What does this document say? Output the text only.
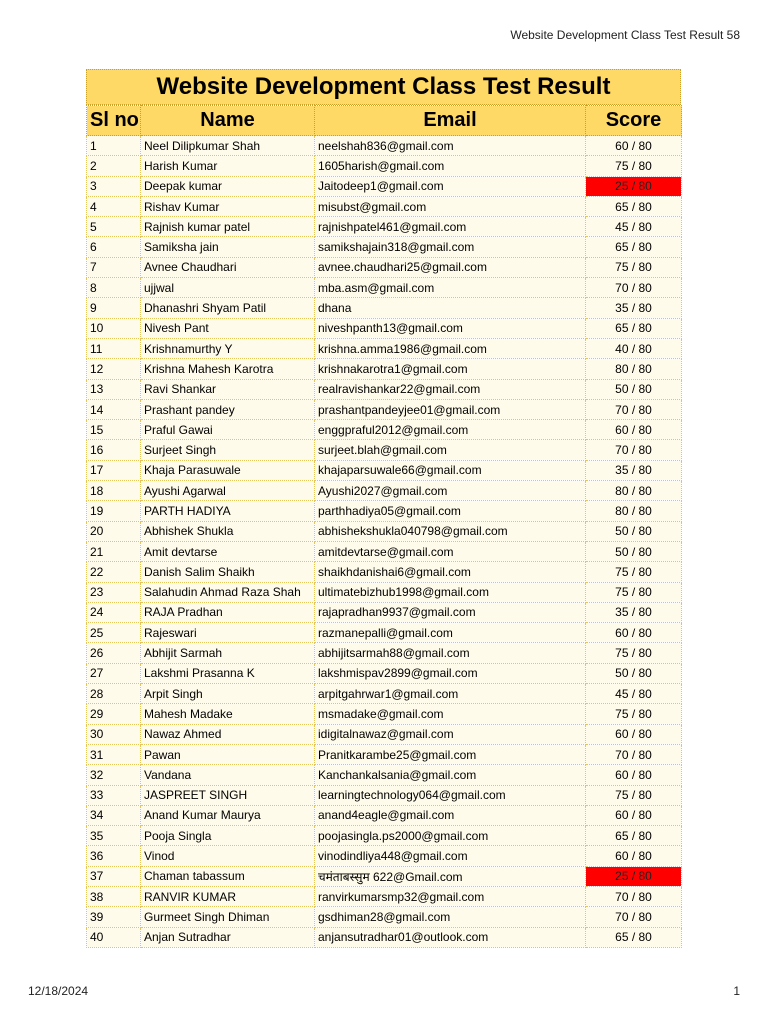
Website Development Class Test Result 58
Website Development Class Test Result
Sl no	Name	Email	Score
1	Neel Dilipkumar Shah	neelshah836@gmail.com	60 / 80
2	Harish Kumar	1605harish@gmail.com	75 / 80
3	Deepak kumar	Jaitodeep1@gmail.com	25 / 80
4	Rishav Kumar	misubst@gmail.com	65 / 80
5	Rajnish kumar patel	rajnishpatel461@gmail.com	45 / 80
6	Samiksha jain	samikshajain318@gmail.com	65 / 80
7	Avnee Chaudhari	avnee.chaudhari25@gmail.com	75 / 80
8	ujjwal	mba.asm@gmail.com	70 / 80
9	Dhanashri Shyam Patil	dhana	35 / 80
10	Nivesh Pant	niveshpanth13@gmail.com	65 / 80
11	Krishnamurthy Y	krishna.amma1986@gmail.com	40 / 80
12	Krishna Mahesh Karotra	krishnakarotra1@gmail.com	80 / 80
13	Ravi Shankar	realravishankar22@gmail.com	50 / 80
14	Prashant pandey	prashantpandeyjee01@gmail.com	70 / 80
15	Praful Gawai	enggpraful2012@gmail.com	60 / 80
16	Surjeet Singh	surjeet.blah@gmail.com	70 / 80
17	Khaja Parasuwale	khajaparsuwale66@gmail.com	35 / 80
18	Ayushi Agarwal	Ayushi2027@gmail.com	80 / 80
19	PARTH HADIYA	parthhadiya05@gmail.com	80 / 80
20	Abhishek Shukla	abhishekshukla040798@gmail.com	50 / 80
21	Amit devtarse	amitdevtarse@gmail.com	50 / 80
22	Danish Salim Shaikh	shaikhdanishai6@gmail.com	75 / 80
23	Salahudin Ahmad Raza Shah	ultimatebizhub1998@gmail.com	75 / 80
24	RAJA Pradhan	rajapradhan9937@gmail.com	35 / 80
25	Rajeswari	razmanepalli@gmail.com	60 / 80
26	Abhijit Sarmah	abhijitsarmah88@gmail.com	75 / 80
27	Lakshmi Prasanna K	lakshmispav2899@gmail.com	50 / 80
28	Arpit Singh	arpitgahrwar1@gmail.com	45 / 80
29	Mahesh Madake	msmadake@gmail.com	75 / 80
30	Nawaz Ahmed	idigitalnawaz@gmail.com	60 / 80
31	Pawan	Pranitkarambe25@gmail.com	70 / 80
32	Vandana	Kanchankalsania@gmail.com	60 / 80
33	JASPREET SINGH	learningtechnology064@gmail.com	75 / 80
34	Anand Kumar Maurya	anand4eagle@gmail.com	60 / 80
35	Pooja Singla	poojasingla.ps2000@gmail.com	65 / 80
36	Vinod	vinodindliya448@gmail.com	60 / 80
37	Chaman tabassum	चमंताबस्सुम 622@Gmail.com	25 / 80
38	RANVIR KUMAR	ranvirkumarsmp32@gmail.com	70 / 80
39	Gurmeet Singh Dhiman	gsdhiman28@gmail.com	70 / 80
40	Anjan Sutradhar	anjansutradhar01@outlook.com	65 / 80
12/18/2024	1
